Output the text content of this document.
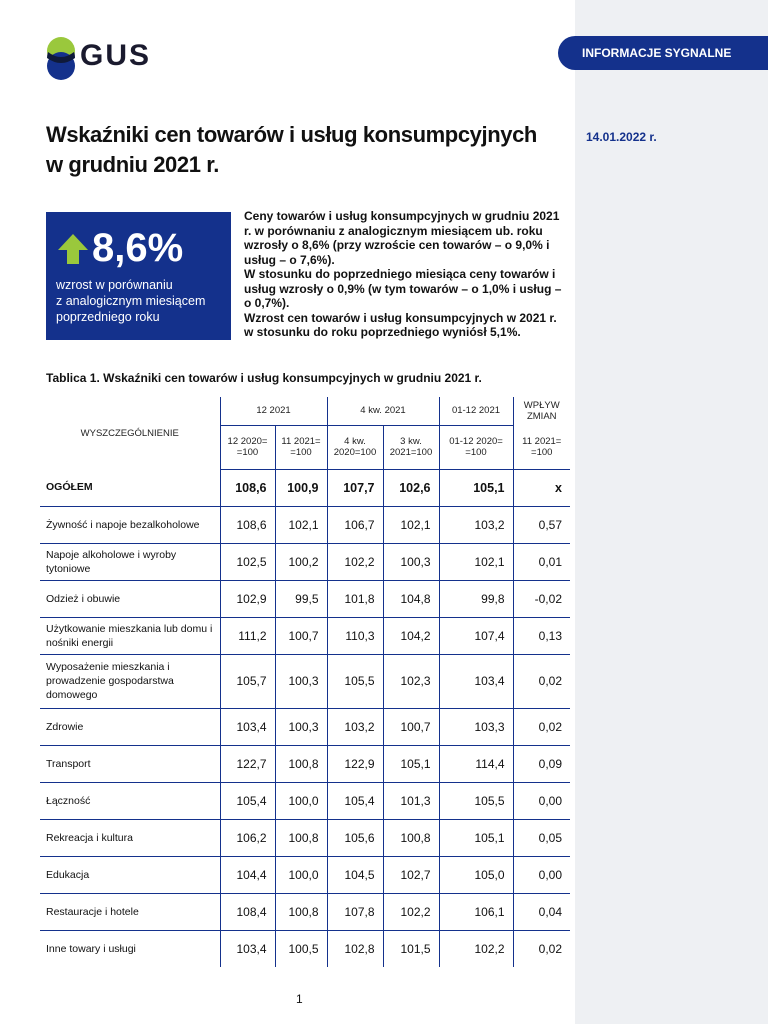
INFORMACJE SYGNALNE
14.01.2022 r.
GUS
Wskaźniki cen towarów i usług konsumpcyjnych
w grudniu 2021 r.
8,6%
wzrost w porównaniu
z analogicznym miesiącem
poprzedniego roku

Ceny towarów i usług konsumpcyjnych w grudniu 2021 r. w porównaniu z analogicznym miesiącem ub. roku wzrosły o 8,6% (przy wzroście cen towarów – o 9,0% i usług – o 7,6%).

W stosunku do poprzedniego miesiąca ceny towarów i usług wzrosły o 0,9% (w tym towarów – o 1,0% i usług – o 0,7%).

Wzrost cen towarów i usług konsumpcyjnych w 2021 r. w stosunku do roku poprzedniego wyniósł 5,1%.

Tablica 1. Wskaźniki cen towarów i usług konsumpcyjnych w grudniu 2021 r.
WYSZCZEGÓLNIENIE	12 2021		4 kw. 2021		01-12 2021	WPŁYW ZMIAN
	12 2020= =100	11 2021= =100	4 kw. 2020=100	3 kw. 2021=100	01-12 2020= =100	11 2021= =100
OGÓŁEM	108,6	100,9	107,7	102,6	105,1	x
Żywność i napoje bezalkoholowe	108,6	102,1	106,7	102,1	103,2	0,57
Napoje alkoholowe i wyroby tytoniowe	102,5	100,2	102,2	100,3	102,1	0,01
Odzież i obuwie	102,9	99,5	101,8	104,8	99,8	-0,02
Użytkowanie mieszkania lub domu i nośniki energii	111,2	100,7	110,3	104,2	107,4	0,13
Wyposażenie mieszkania i prowadzenie gospodarstwa domowego	105,7	100,3	105,5	102,3	103,4	0,02
Zdrowie	103,4	100,3	103,2	100,7	103,3	0,02
Transport	122,7	100,8	122,9	105,1	114,4	0,09
Łączność	105,4	100,0	105,4	101,3	105,5	0,00
Rekreacja i kultura	106,2	100,8	105,6	100,8	105,1	0,05
Edukacja	104,4	100,0	104,5	102,7	105,0	0,00
Restauracje i hotele	108,4	100,8	107,8	102,2	106,1	0,04
Inne towary i usługi	103,4	100,5	102,8	101,5	102,2	0,02
1
